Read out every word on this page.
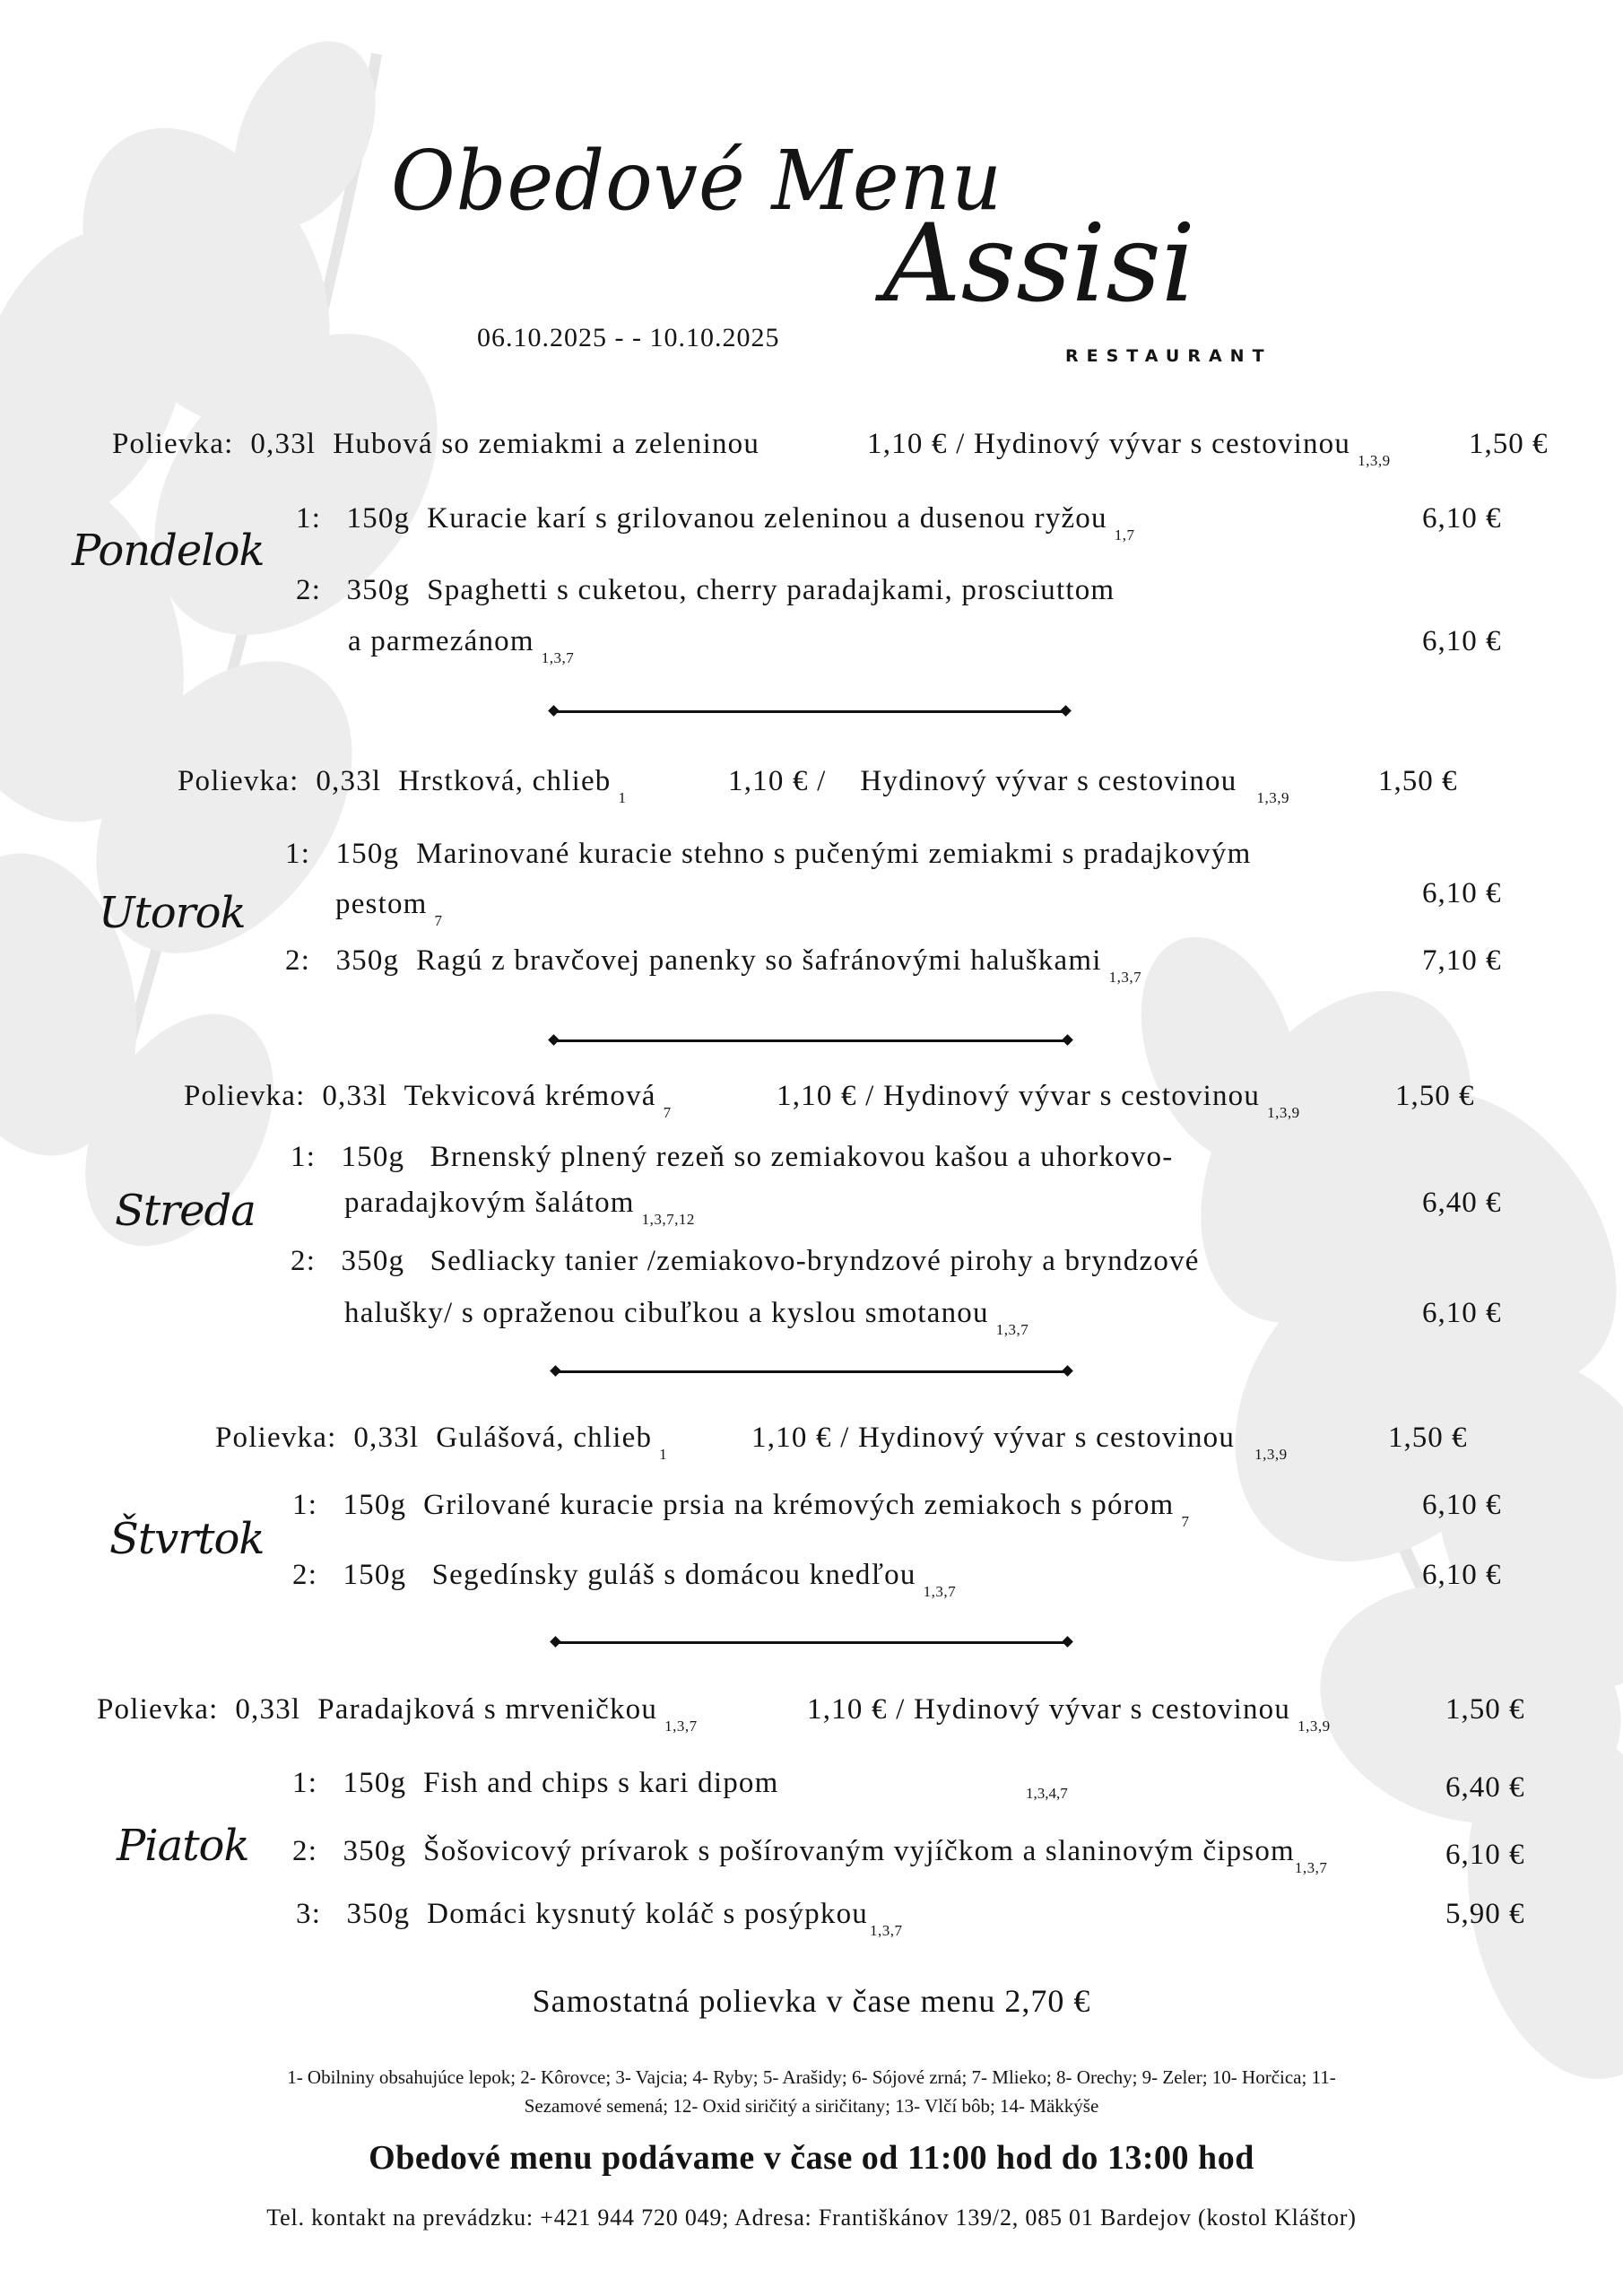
Obedové Menu
Assisi
RESTAURANT
06.10.2025 - - 10.10.2025
Polievka: 0,33l Hubová so zemiakmi a zeleninou	1,10 € / Hydinový vývar s cestovinou$_{1,3,9}$
1,50 €
Pondelok
1: 150g Kuracie karí s grilovanou zeleninou a dusenou ryžou$_{1,7}$
6,10 €
2: 350g Spaghetti s cuketou, cherry paradajkami, prosciuttom
a parmezánom$_{1,3,7}$
6,10 €
Polievka: 0,33l Hrstková, chlieb$_1$
1,10 € / Hydinový vývar s cestovinou$_{1,3,9}$
1,50 €
Utorok
1: 150g Marinované kuracie stehno s pučenými zemiakmi s pradajkovým
pestom$_7$
6,10 €
2: 350g Ragú z bravčovej panenky so šafránovými haluškami$_{1,3,7}$
7,10 €
Polievka: 0,33l Tekvicová krémová$_7$
1,10 € / Hydinový vývar s cestovinou$_{1,3,9}$
1,50 €
Streda
1: 150g Brnenský plnený rezeň so zemiakovou kašou a uhorkovo-
paradajkovým šalátom$_{1,3,7,12}$
6,40 €
2: 350g Sedliacky tanier /zemiakovo-bryndzové pirohy a bryndzové
halušky/ s opraženou cibuľkou a kyslou smotanou$_{1,3,7}$
6,10 €
Polievka: 0,33l Gulášová, chlieb$_1$
1,10 € / Hydinový vývar s cestovinou$_{1,3,9}$
1,50 €
Štvrtok
1: 150g Grilované kuracie prsia na krémových zemiakoch s pórom$_7$
6,10 €
2: 150g Segedínsky guláš s domácou knedľou$_{1,3,7}$
6,10 €
Polievka: 0,33l Paradajková s mrveničkou$_{1,3,7}$
1,10 € / Hydinový vývar s cestovinou$_{1,3,9}$
1,50 €
Piatok
1: 150g Fish and chips s kari dipom	1,3,4,7	6,40 €
2: 350g Šošovicový prívarok s pošírovaným vyjíčkom a slaninovým čipsom$_{1,3,7}$	6,10 €
3: 350g Domáci kysnutý koláč s posýpkou$_{1,3,7}$
5,90 €
Samostatná polievka v čase menu 2,70 €
1- Obilniny obsahujúce lepok; 2- Kôrovce; 3- Vajcia; 4- Ryby; 5- Arašidy; 6- Sójové zrná; 7- Mlieko; 8- Orechy; 9- Zeler; 10- Horčica; 11-
Sezamové semená; 12- Oxid siričitý a siričitany; 13- Vlčí bôb; 14- Mäkkýše
Obedové menu podávame v čase od 11:00 hod do 13:00 hod
Tel. kontakt na prevádzku: +421 944 720 049; Adresa: Františkánov 139/2, 085 01 Bardejov (kostol Kláštor)
